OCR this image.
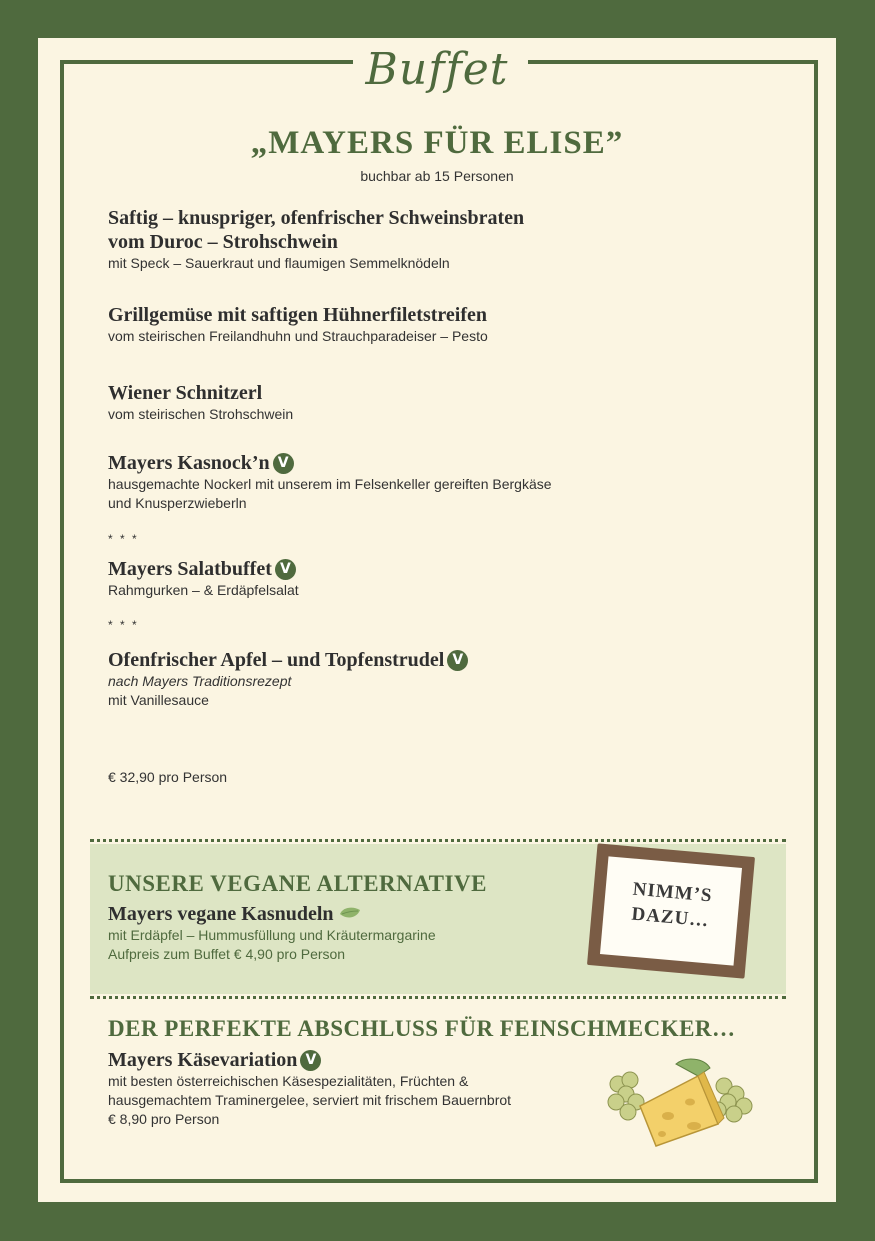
Buffet
„MAYERS FÜR ELISE”
buchbar ab 15 Personen
Saftig – knuspriger, ofenfrischer Schweinsbraten
vom Duroc – Strohschwein
mit Speck – Sauerkraut und flaumigen Semmelknödeln
Grillgemüse mit saftigen Hühnerfiletstreifen
vom steirischen Freilandhuhn und Strauchparadeiser – Pesto
Wiener Schnitzerl
vom steirischen Strohschwein
Mayers Kasnock’n V
hausgemachte Nockerl mit unserem im Felsenkeller gereiften Bergkäse
und Knusperzwieberln
* * *
Mayers Salatbuffet V
Rahmgurken – & Erdäpfelsalat
* * *
Ofenfrischer Apfel – und Topfenstrudel V
nach Mayers Traditionsrezept
mit Vanillesauce
€ 32,90 pro Person
UNSERE VEGANE ALTERNATIVE
Mayers vegane Kasnudeln
mit Erdäpfel – Hummusfüllung und Kräutermargarine
Aufpreis zum Buffet € 4,90 pro Person
NIMM’S
DAZU…
DER PERFEKTE ABSCHLUSS FÜR FEINSCHMECKER…
Mayers Käsevariation V
mit besten österreichischen Käsespezialitäten, Früchten &
hausgemachtem Traminergelee, serviert mit frischem Bauernbrot
€ 8,90 pro Person
